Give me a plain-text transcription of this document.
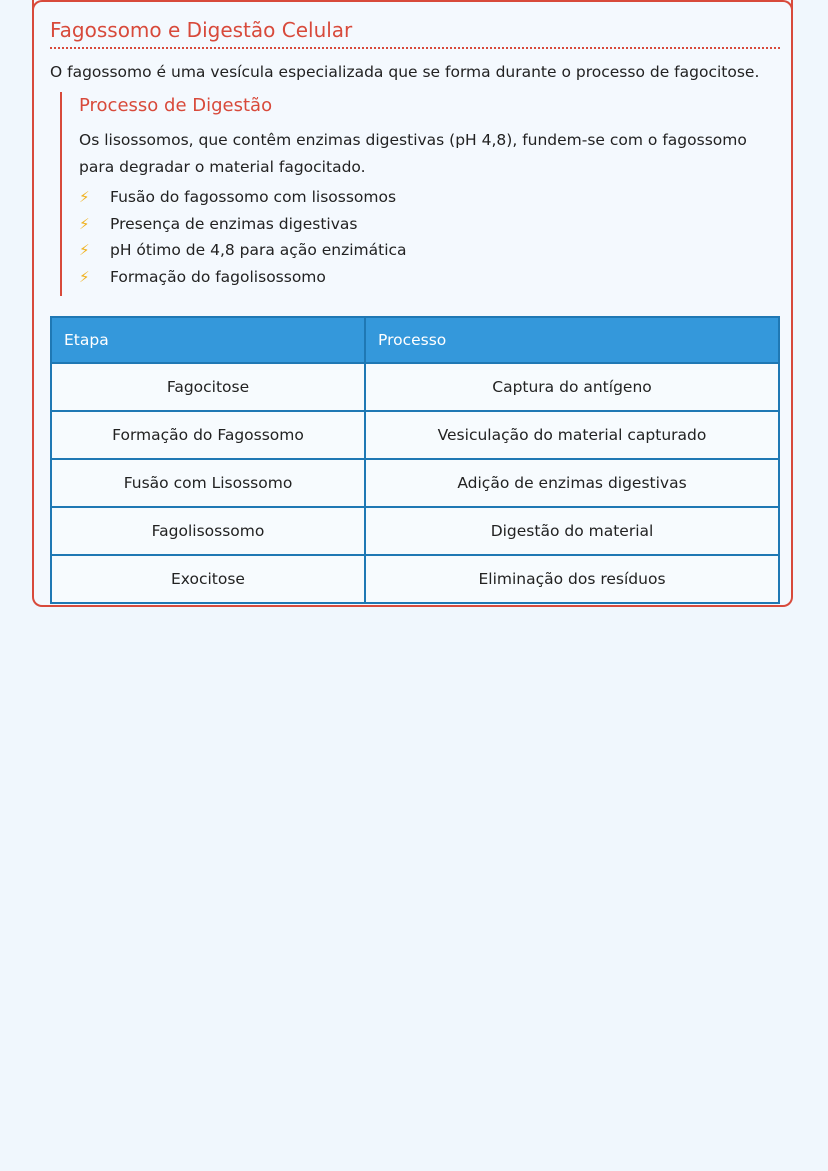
Fagossomo e Digestão Celular
O fagossomo é uma vesícula especializada que se forma durante o processo de fagocitose.
Processo de Digestão
Os lisossomos, que contêm enzimas digestivas (pH 4,8), fundem-se com o fagossomo para degradar o material fagocitado.
⚡	Fusão do fagossomo com lisossomos
⚡	Presença de enzimas digestivas
⚡	pH ótimo de 4,8 para ação enzimática
⚡	Formação do fagolisossomo
Etapa	Processo
Fagocitose	Captura do antígeno
Formação do Fagossomo	Vesiculação do material capturado
Fusão com Lisossomo	Adição de enzimas digestivas
Fagolisossomo	Digestão do material
Exocitose	Eliminação dos resíduos
